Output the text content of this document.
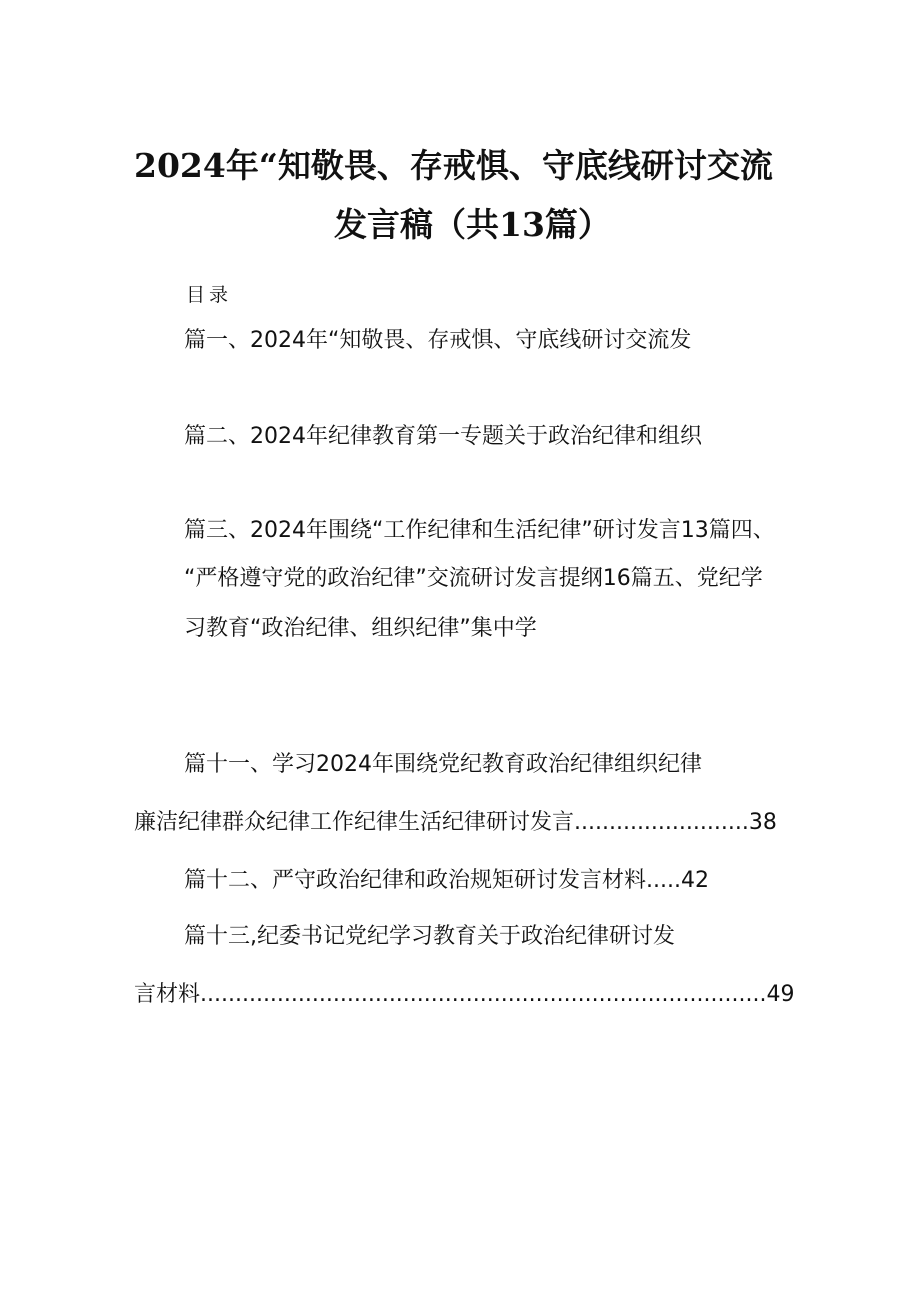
2024年“知敬畏、存戒惧、守底线研讨交流
发言稿（共13篇）
目录
篇一、2024年“知敬畏、存戒惧、守底线研讨交流发
篇二、2024年纪律教育第一专题关于政治纪律和组织
篇三、2024年围绕“工作纪律和生活纪律”研讨发言13篇四、
“严格遵守党的政治纪律”交流研讨发言提纲16篇五、党纪学
习教育“政治纪律、组织纪律”集中学
篇十一、学习2024年围绕党纪教育政治纪律组织纪律
廉洁纪律群众纪律工作纪律生活纪律研讨发言.........................38
篇十二、严守政治纪律和政治规矩研讨发言材料.....42
篇十三,纪委书记党纪学习教育关于政治纪律研讨发
言材料.................................................................................49
